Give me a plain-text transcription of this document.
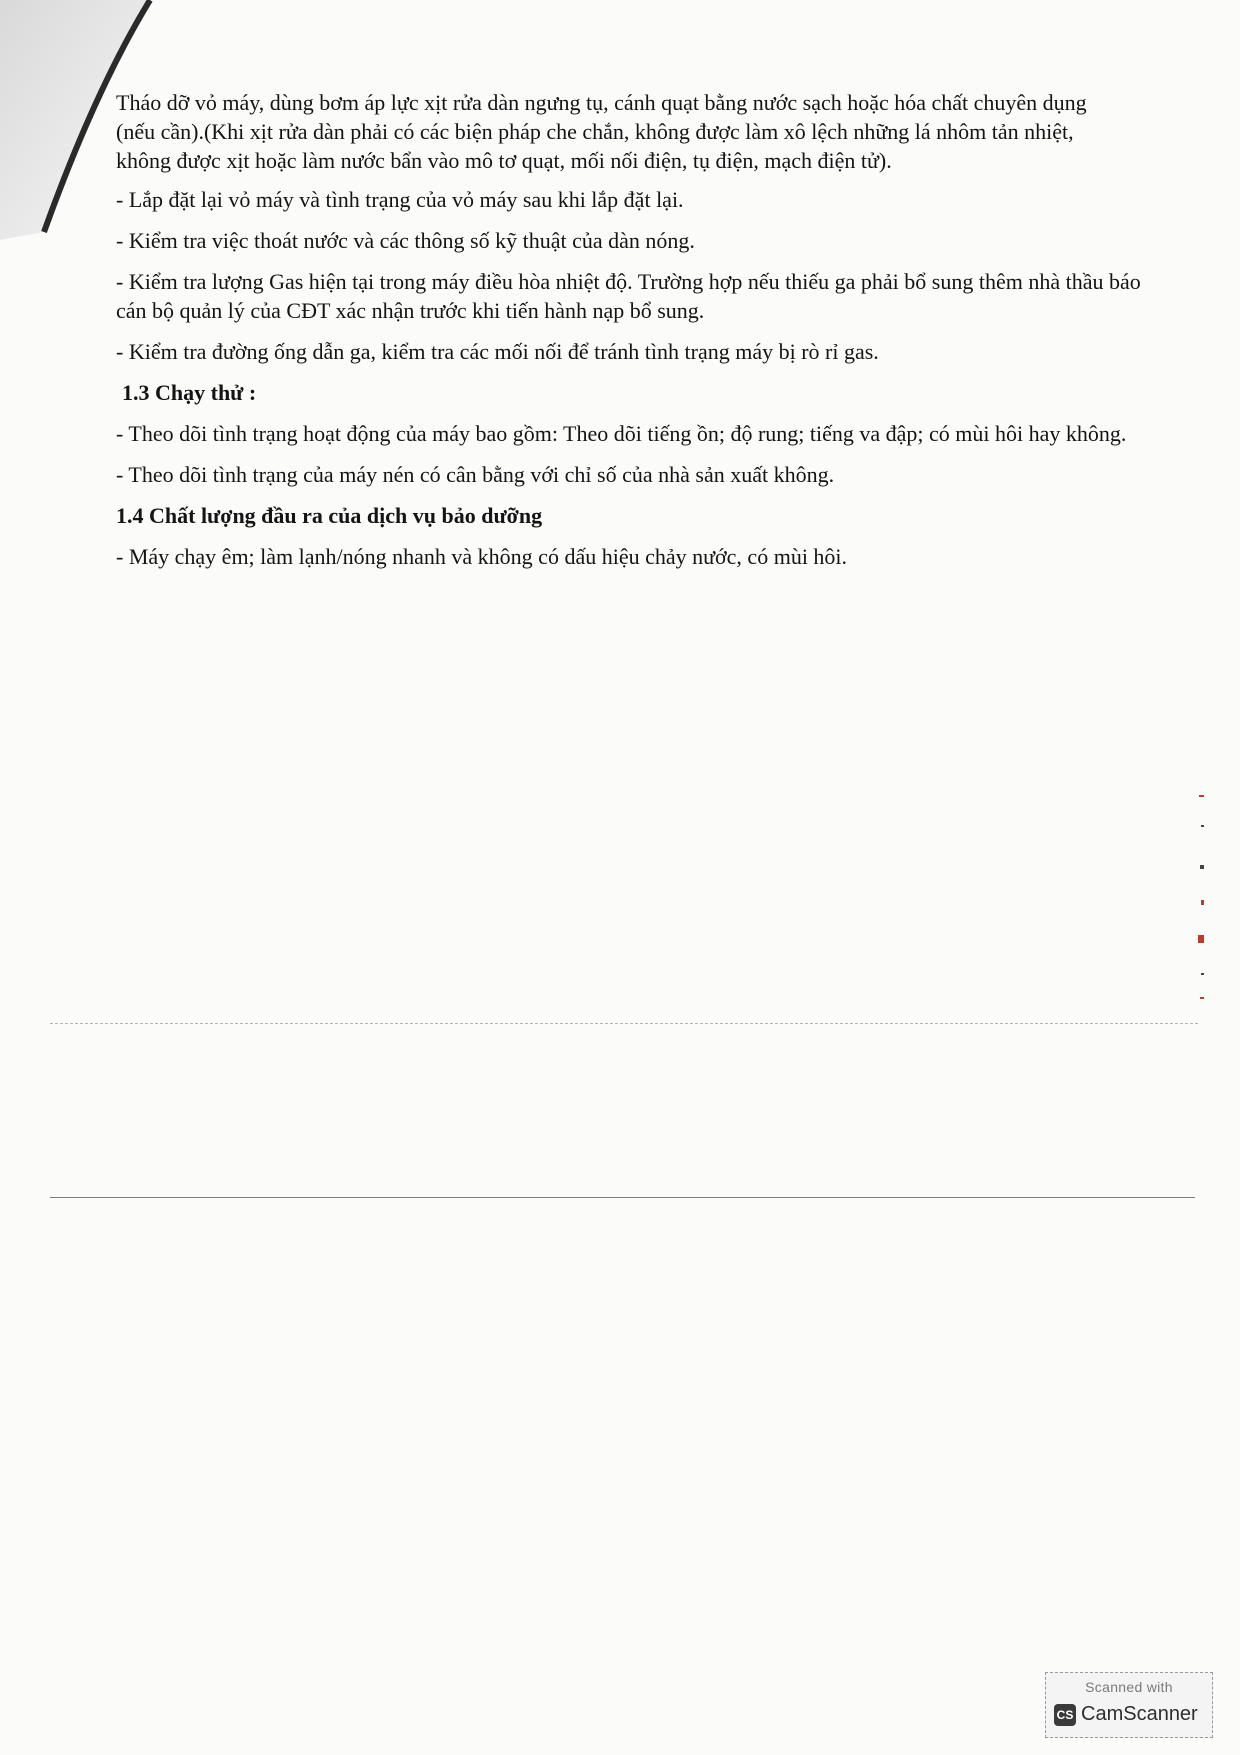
Tháo dỡ vỏ máy, dùng bơm áp lực xịt rửa dàn ngưng tụ, cánh quạt bằng nước sạch hoặc hóa chất chuyên dụng

(nếu cần).(Khi xịt rửa dàn phải có các biện pháp che chắn, không được làm xô lệch những lá nhôm tản nhiệt,

không được xịt hoặc làm nước bẩn vào mô tơ quạt, mối nối điện, tụ điện, mạch điện tử).

- Lắp đặt lại vỏ máy và tình trạng của vỏ máy sau khi lắp đặt lại.

- Kiểm tra việc thoát nước và các thông số kỹ thuật của dàn nóng.

- Kiểm tra lượng Gas hiện tại trong máy điều hòa nhiệt độ. Trường hợp nếu thiếu ga phải bổ sung thêm nhà thầu báo cán bộ quản lý của CĐT xác nhận trước khi tiến hành nạp bổ sung.

- Kiểm tra đường ống dẫn ga, kiểm tra các mối nối để tránh tình trạng máy bị rò rỉ gas.

1.3 Chạy thử :

- Theo dõi tình trạng hoạt động của máy bao gồm: Theo dõi tiếng ồn; độ rung; tiếng va đập; có mùi hôi hay không.

- Theo dõi tình trạng của máy nén có cân bằng với chỉ số của nhà sản xuất không.

1.4 Chất lượng đầu ra của dịch vụ bảo dưỡng

- Máy chạy êm; làm lạnh/nóng nhanh và không có dấu hiệu chảy nước, có mùi hôi.

Scanned with
CS CamScanner
